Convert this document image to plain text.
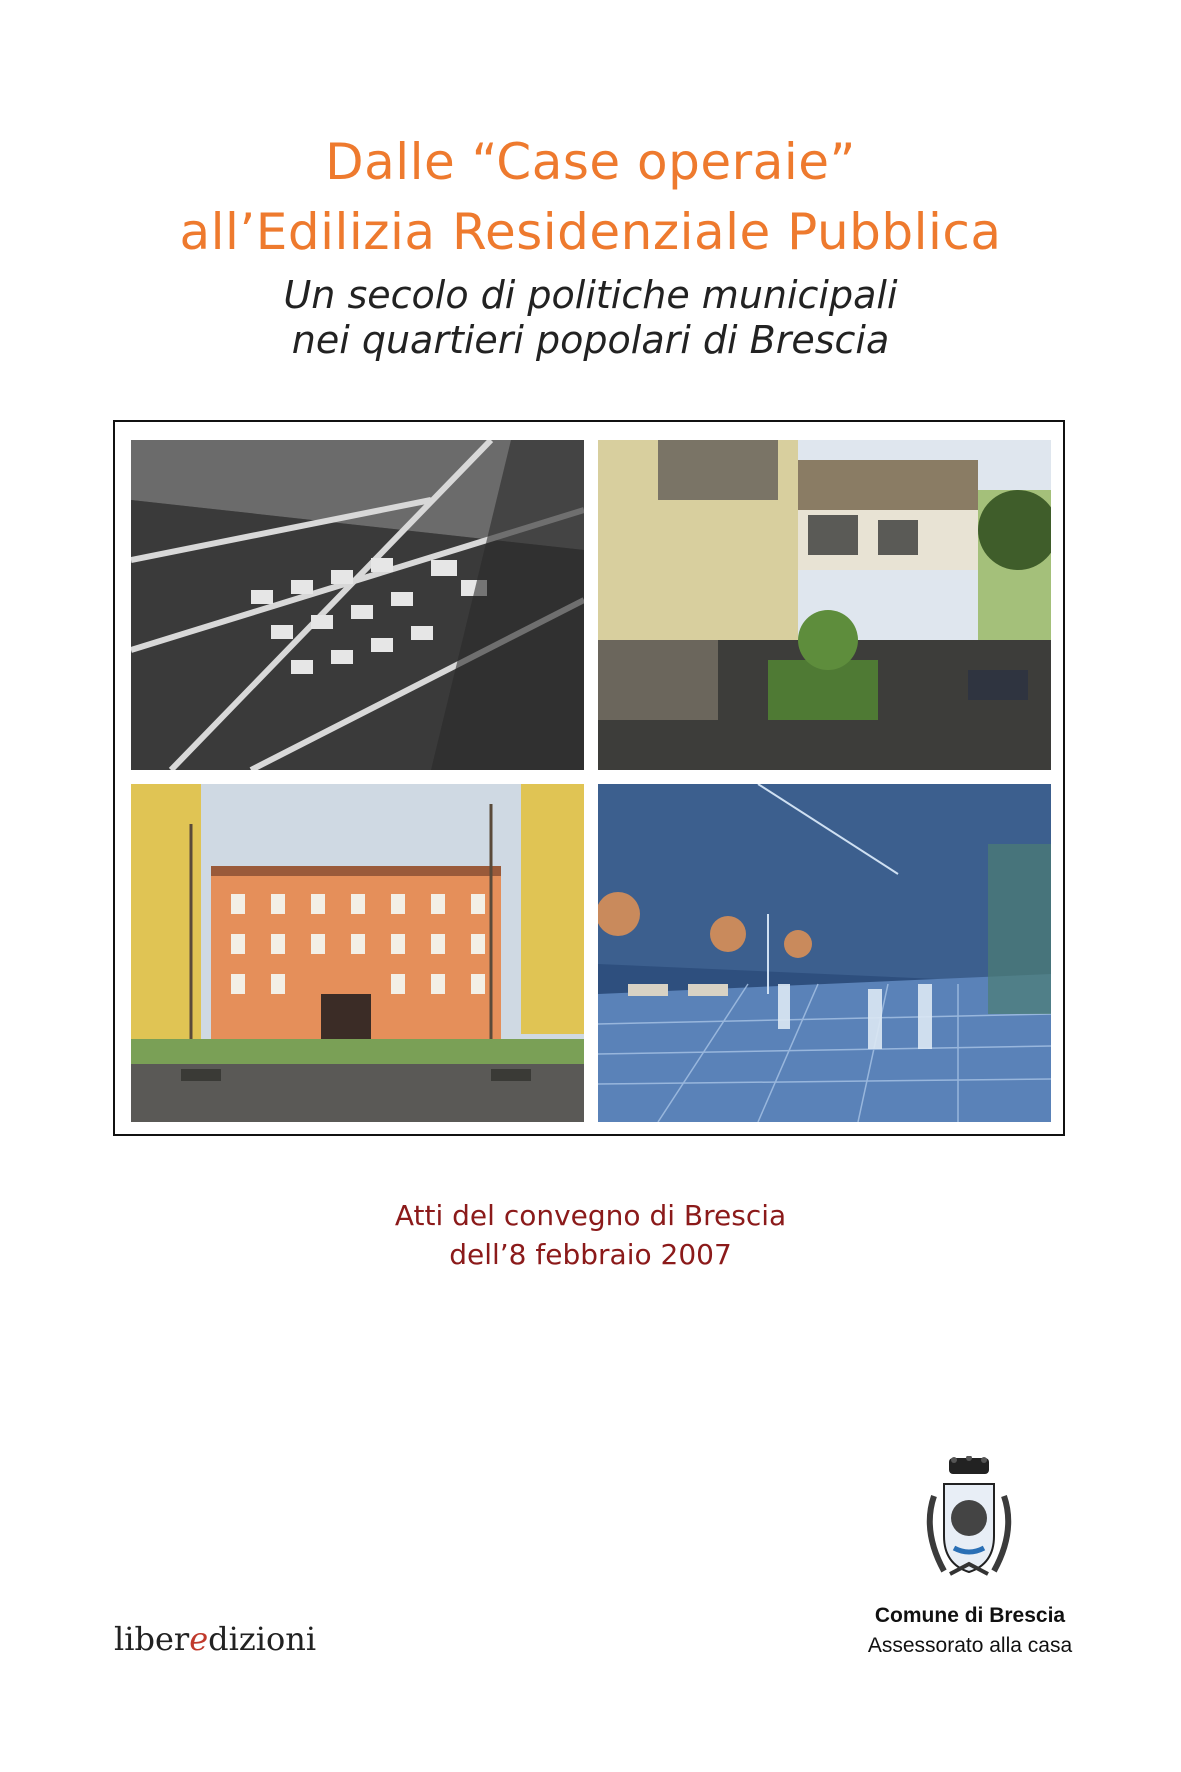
Dalle “Case operaie”
all’Edilizia Residenziale Pubblica
Un secolo di politiche municipali
nei quartieri popolari di Brescia
Atti del convegno di Brescia
dell’8 febbraio 2007
liberedizioni
Comune di Brescia
Assessorato alla casa
